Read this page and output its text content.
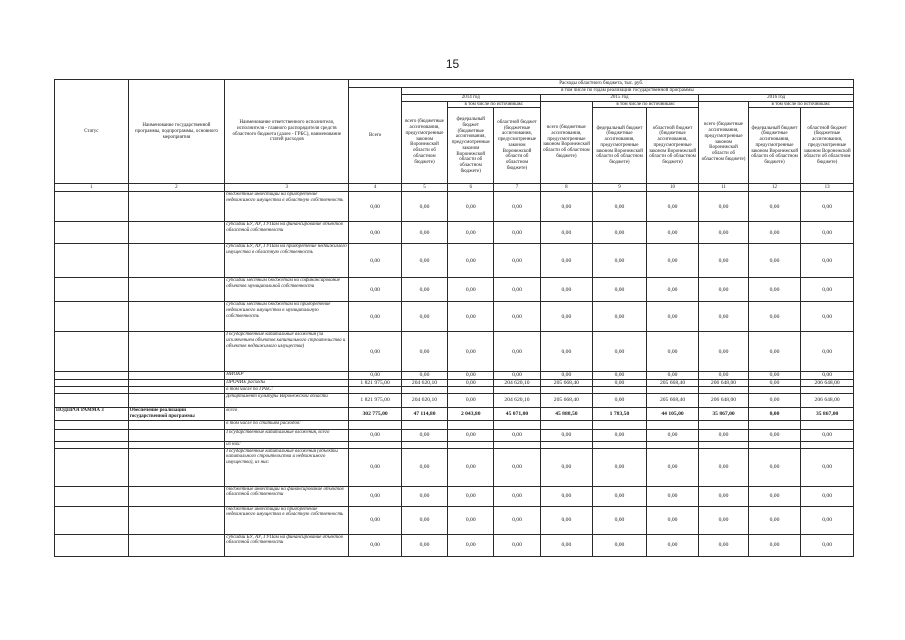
15
Статус	Наименование государственной программы, подпрограммы, основного мероприятия	Наименование ответственного исполнителя, исполнителя - главного распорядителя средств областного бюджета (далее - ГРБС), наименование статей расходов	Расходы областного бюджета, тыс. руб.									
			Всего	в том числе по годам реализации государственной программы								
				2014 год			2015 год			2016 год		
				всего (бюджетные ассигнования, предусмотренные законом Воронежской области об областном бюджете)	в том числе по источникам:		всего (бюджетные ассигнования, предусмотренные законом Воронежской области об областном бюджете)	в том числе по источникам:		всего (бюджетные ассигнования, предусмотренные законом Воронежской области об областном бюджете)	в том числе по источникам:	
					федеральный бюджет (бюджетные ассигнования, предусмотренные законом Воронежской области об областном бюджете)	областной бюджет (бюджетные ассигнования, предусмотренные законом Воронежской области об областном бюджете)		федеральный бюджет (бюджетные ассигнования, предусмотренные законом Воронежской области об областном бюджете)	областной бюджет (бюджетные ассигнования, предусмотренные законом Воронежской области об областном бюджете)		федеральный бюджет (бюджетные ассигнования, предусмотренные законом Воронежской области об областном бюджете)	областной бюджет (бюджетные ассигнования, предусмотренные законом Воронежской области об областном бюджете)
1	2	3	4	5	6	7	8	9	10	11	12	13
		бюджетные инвестиции на приобретение недвижимого имущества в областную собственность	0,00	0,00	0,00	0,00	0,00	0,00	0,00	0,00	0,00	0,00
		субсидии БУ, АУ, ГУПам на финансирование объектов областной собственности	0,00	0,00	0,00	0,00	0,00	0,00	0,00	0,00	0,00	0,00
		субсидии БУ, АУ, ГУПам на приобретение недвижимого имущества в областную собственность	0,00	0,00	0,00	0,00	0,00	0,00	0,00	0,00	0,00	0,00
		субсидии местным бюджетам на софинансирование объектов муниципальной собственности	0,00	0,00	0,00	0,00	0,00	0,00	0,00	0,00	0,00	0,00
		субсидии местным бюджетам на приобретение недвижимого имущества в муниципальную собственность	0,00	0,00	0,00	0,00	0,00	0,00	0,00	0,00	0,00	0,00
		Государственные капитальные вложения (за исключением объектов капитального строительства и объектов недвижимого имущества)	0,00	0,00	0,00	0,00	0,00	0,00	0,00	0,00	0,00	0,00
		НИОКР	0,00	0,00	0,00	0,00	0,00	0,00	0,00	0,00	0,00	0,00
		ПРОЧИЕ расходы	1 821 975,00	204 620,10	0,00	204 620,10	205 668,40	0,00	205 668,40	206 648,00	0,00	206 648,00
		в том числе по ГРБС:										
		Департамент культуры Воронежской области	1 821 975,00	204 620,10	0,00	204 620,10	205 668,40	0,00	205 668,40	206 648,00	0,00	206 648,00
ПОДПРОГРАММА 3	Обеспечение реализации государственной программы	всего	302 775,00	47 114,80	2 043,80	45 071,00	45 888,50	1 783,50	44 105,00	35 867,00	0,00	35 867,00
		в том числе по статьям расходов:										
		Государственные капитальные вложения, всего	0,00	0,00	0,00	0,00	0,00	0,00	0,00	0,00	0,00	0,00
		из них:										
		Государственные капитальные вложения (объекты капитального строительства и недвижимого имущества), из них:	0,00	0,00	0,00	0,00	0,00	0,00	0,00	0,00	0,00	0,00
		бюджетные инвестиции на финансирование объектов областной собственности	0,00	0,00	0,00	0,00	0,00	0,00	0,00	0,00	0,00	0,00
		бюджетные инвестиции на приобретение недвижимого имущества в областную собственность	0,00	0,00	0,00	0,00	0,00	0,00	0,00	0,00	0,00	0,00
		субсидии БУ, АУ, ГУПам на финансирование объектов областной собственности	0,00	0,00	0,00	0,00	0,00	0,00	0,00	0,00	0,00	0,00
